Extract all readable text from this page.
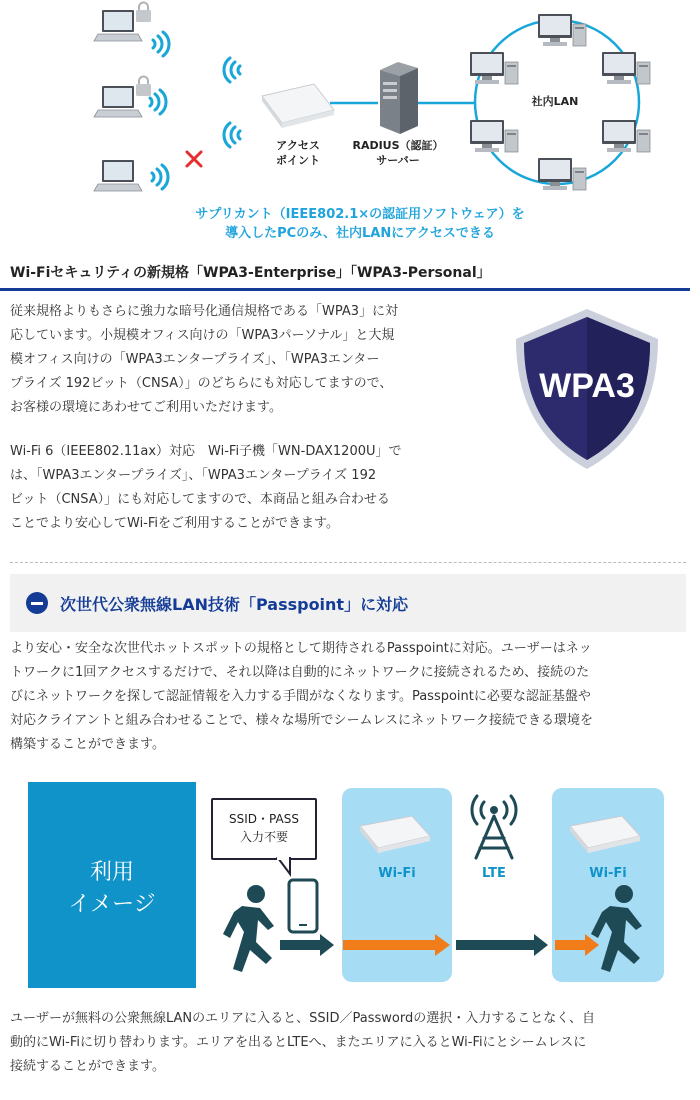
アクセス
ポイント
RADIUS（認証）
サーバー
社内LAN
サプリカント（IEEE802.1×の認証用ソフトウェア）を
導入したPCのみ、社内LANにアクセスできる
Wi-Fiセキュリティの新規格「WPA3-Enterprise」「WPA3-Personal」
従来規格よりもさらに強力な暗号化通信規格である「WPA3」に対
応しています。小規模オフィス向けの「WPA3パーソナル」と大規
模オフィス向けの「WPA3エンタープライズ」、「WPA3エンター
プライズ 192ビット（CNSA）」のどちらにも対応してますので、
お客様の環境にあわせてご利用いただけます。
Wi-Fi 6（IEEE802.11ax）対応　Wi-Fi子機「WN-DAX1200U」で
は、「WPA3エンタープライズ」、「WPA3エンタープライズ 192
ビット（CNSA）」にも対応してますので、本商品と組み合わせる
ことでより安心してWi-Fiをご利用することができます。
WPA3
次世代公衆無線LAN技術「Passpoint」に対応
より安心・安全な次世代ホットスポットの規格として期待されるPasspointに対応。ユーザーはネッ
トワークに1回アクセスするだけで、それ以降は自動的にネットワークに接続されるため、接続のた
びにネットワークを探して認証情報を入力する手間がなくなります。Passpointに必要な認証基盤や
対応クライアントと組み合わせることで、様々な場所でシームレスにネットワーク接続できる環境を
構築することができます。
利用
イメージ
SSID・PASS
入力不要
Wi-Fi	LTE	Wi-Fi
ユーザーが無料の公衆無線LANのエリアに入ると、SSID／Passwordの選択・入力することなく、自
動的にWi-Fiに切り替わります。エリアを出るとLTEへ、またエリアに入るとWi-Fiにとシームレスに
接続することができます。
